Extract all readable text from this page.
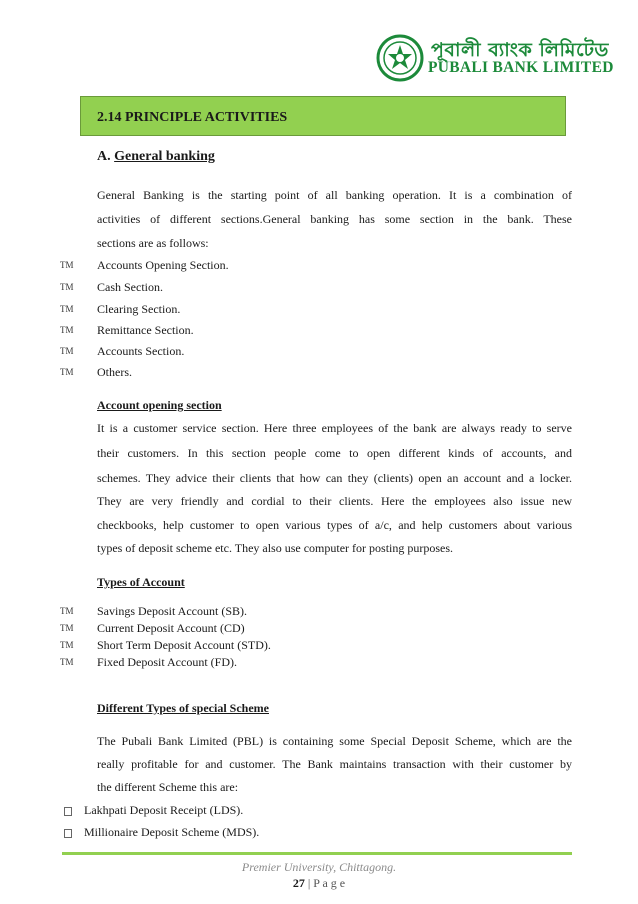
পূবালী ব্যাংক লিমিটেড
PUBALI BANK LIMITED
2.14 PRINCIPLE ACTIVITIES
A. General banking
General Banking is the starting point of all banking operation. It is a combination of
activities of different sections.General banking has some section in the bank. These
sections are as follows:
TM Accounts Opening Section.
TM Cash Section.
TM Clearing Section.
TM Remittance Section.
TM Accounts Section.
TM Others.
Account opening section
It is a customer service section. Here three employees of the bank are always ready to serve
their customers. In this section people come to open different kinds of accounts, and
schemes. They advice their clients that how can they (clients) open an account and a locker.
They are very friendly and cordial to their clients. Here the employees also issue new
checkbooks, help customer to open various types of a/c, and help customers about various
types of deposit scheme etc. They also use computer for posting purposes.
Types of Account
TM Savings Deposit Account (SB).
TM Current Deposit Account (CD)
TM Short Term Deposit Account (STD).
TM Fixed Deposit Account (FD).
Different Types of special Scheme
The Pubali Bank Limited (PBL) is containing some Special Deposit Scheme, which are the
really profitable for and customer. The Bank maintains transaction with their customer by
the different Scheme this are:
Lakhpati Deposit Receipt (LDS).
Millionaire Deposit Scheme (MDS).
Premier University, Chittagong.
27 | P a g e
